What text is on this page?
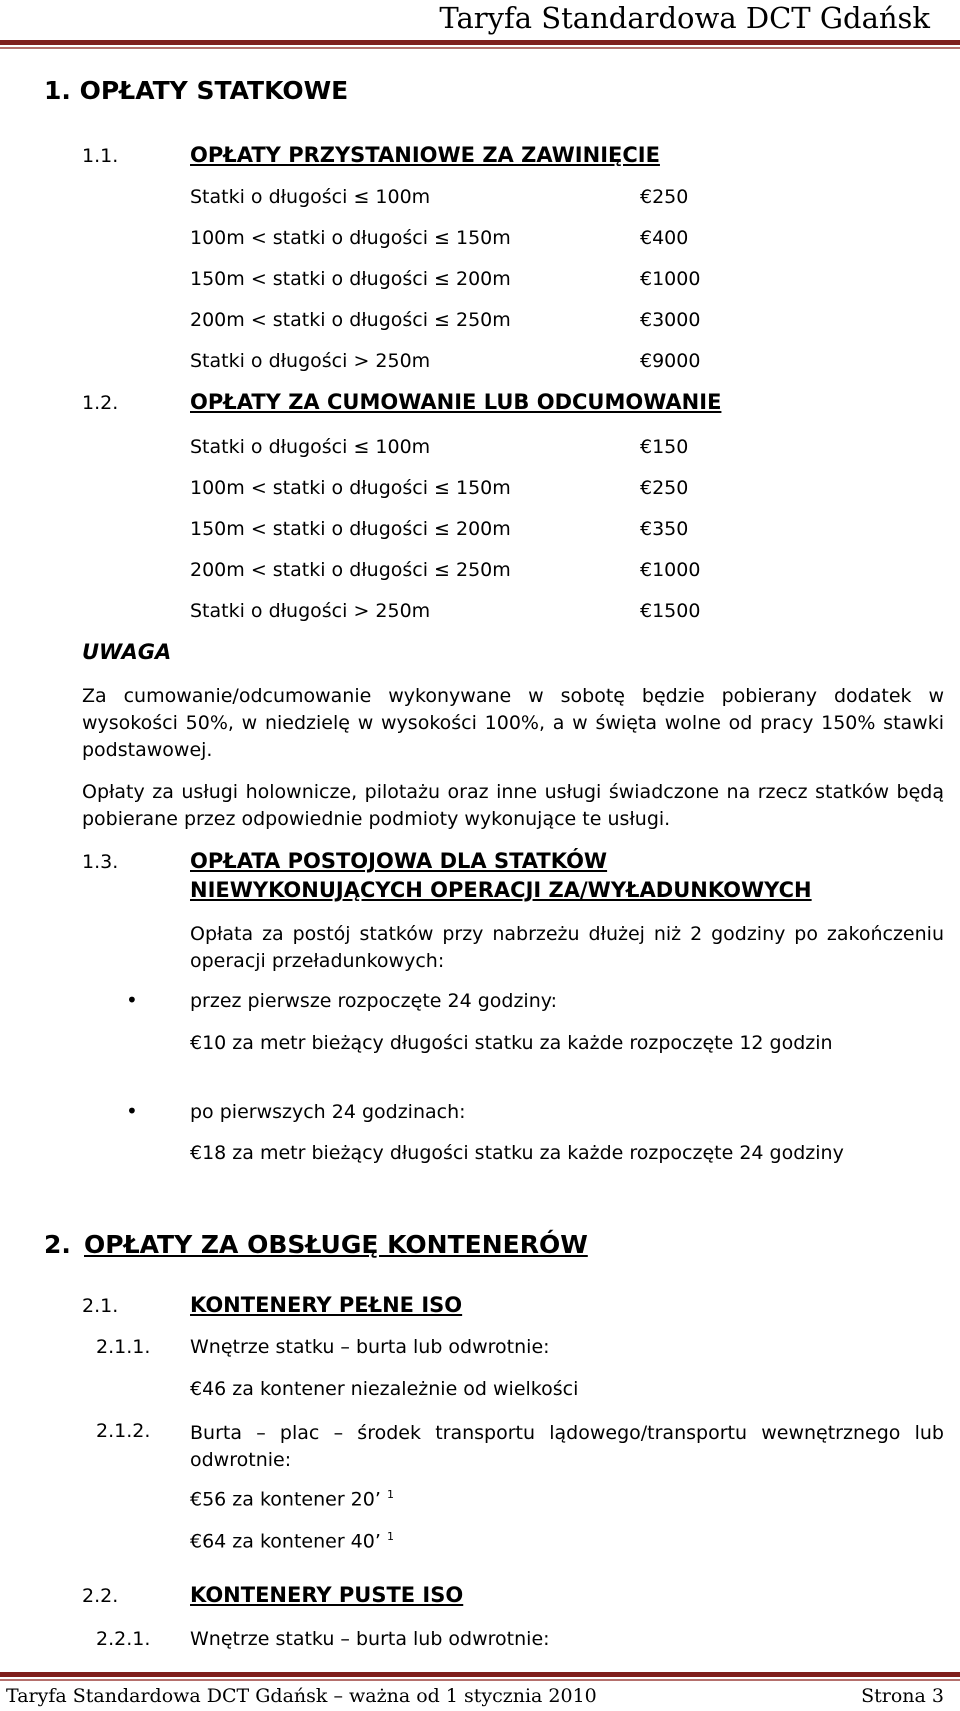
Taryfa Standardowa DCT Gdańsk
1. OPŁATY STATKOWE
1.1.	OPŁATY PRZYSTANIOWE ZA ZAWINIĘCIE
Statki o długości ≤ 100m	€250
100m < statki o długości ≤ 150m	€400
150m < statki o długości ≤ 200m	€1000
200m < statki o długości ≤ 250m	€3000
Statki o długości > 250m	€9000
1.2.	OPŁATY ZA CUMOWANIE LUB ODCUMOWANIE
Statki o długości ≤ 100m	€150
100m < statki o długości ≤ 150m	€250
150m < statki o długości ≤ 200m	€350
200m < statki o długości ≤ 250m	€1000
Statki o długości > 250m	€1500
UWAGA
Za cumowanie/odcumowanie wykonywane w sobotę będzie pobierany dodatek w wysokości 50%, w niedzielę w wysokości 100%, a w święta wolne od pracy 150% stawki podstawowej.
Opłaty za usługi holownicze, pilotażu oraz inne usługi świadczone na rzecz statków będą pobierane przez odpowiednie podmioty wykonujące te usługi.
1.3.	OPŁATA POSTOJOWA DLA STATKÓW
NIEWYKONUJĄCYCH OPERACJI ZA/WYŁADUNKOWYCH
Opłata za postój statków przy nabrzeżu dłużej niż 2 godziny po zakończeniu operacji przeładunkowych:
•	przez pierwsze rozpoczęte 24 godziny:
€10 za metr bieżący długości statku za każde rozpoczęte 12 godzin
•	po pierwszych 24 godzinach:
€18 za metr bieżący długości statku za każde rozpoczęte 24 godziny
2. OPŁATY ZA OBSŁUGĘ KONTENERÓW
2.1.	KONTENERY PEŁNE ISO
2.1.1. Wnętrze statku – burta lub odwrotnie:
€46 za kontener niezależnie od wielkości
2.1.2. Burta – plac – środek transportu lądowego/transportu wewnętrznego lub odwrotnie:
€56 za kontener 20’ $^1$
€64 za kontener 40’ $^1$
2.2.	KONTENERY PUSTE ISO
2.2.1. Wnętrze statku – burta lub odwrotnie:
Taryfa Standardowa DCT Gdańsk – ważna od 1 stycznia 2010	Strona 3
